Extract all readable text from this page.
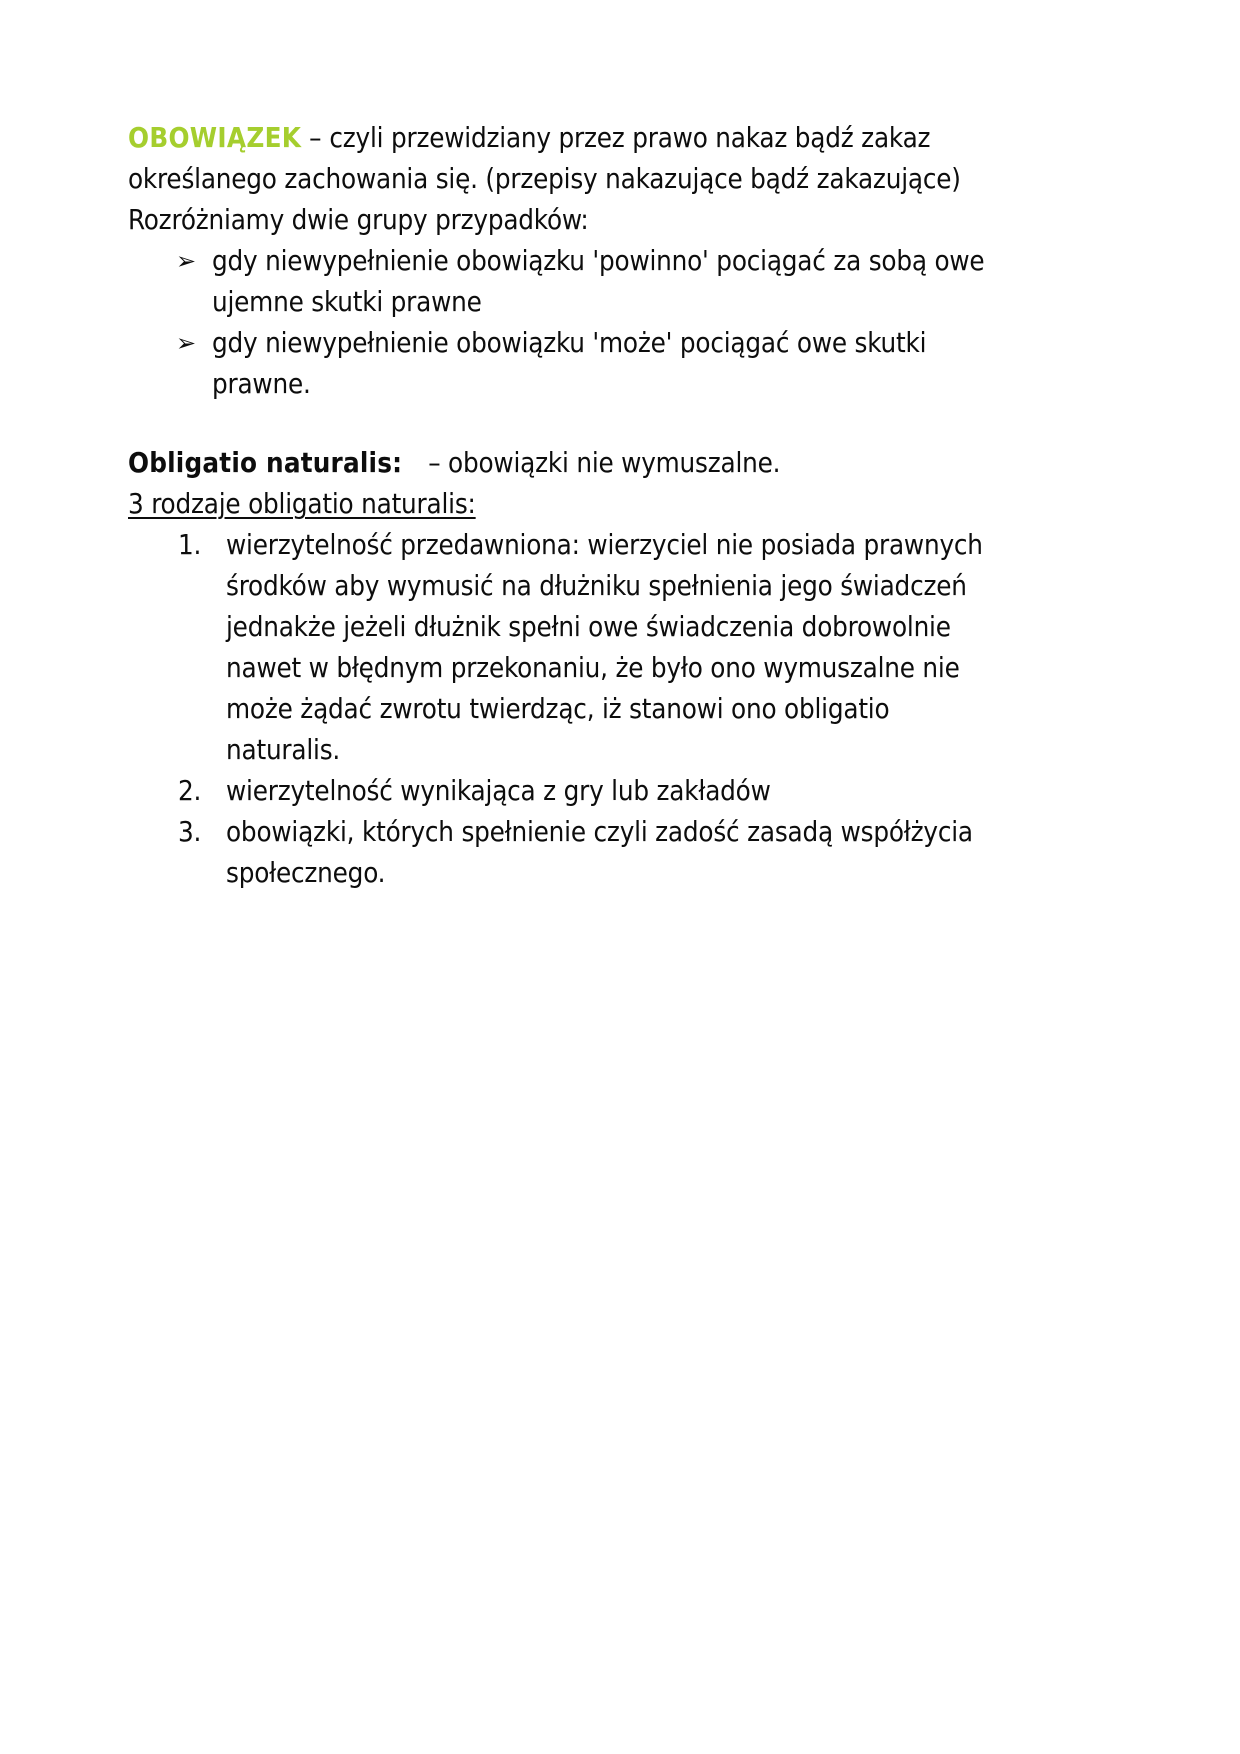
OBOWIĄZEK – czyli przewidziany przez prawo nakaz bądź zakaz określanego zachowania się. (przepisy nakazujące bądź zakazujące)

Rozróżniamy dwie grupy przypadków:

➢ gdy niewypełnienie obowiązku 'powinno' pociągać za sobą owe ujemne skutki prawne
➢ gdy niewypełnienie obowiązku 'może' pociągać owe skutki prawne.

Obligatio naturalis: – obowiązki nie wymuszalne.

3 rodzaje obligatio naturalis:

1. wierzytelność przedawniona: wierzyciel nie posiada prawnych środków aby wymusić na dłużniku spełnienia jego świadczeń jednakże jeżeli dłużnik spełni owe świadczenia dobrowolnie nawet w błędnym przekonaniu, że było ono wymuszalne nie może żądać zwrotu twierdząc, iż stanowi ono obligatio naturalis.
2. wierzytelność wynikająca z gry lub zakładów
3. obowiązki, których spełnienie czyli zadość zasadą współżycia społecznego.
